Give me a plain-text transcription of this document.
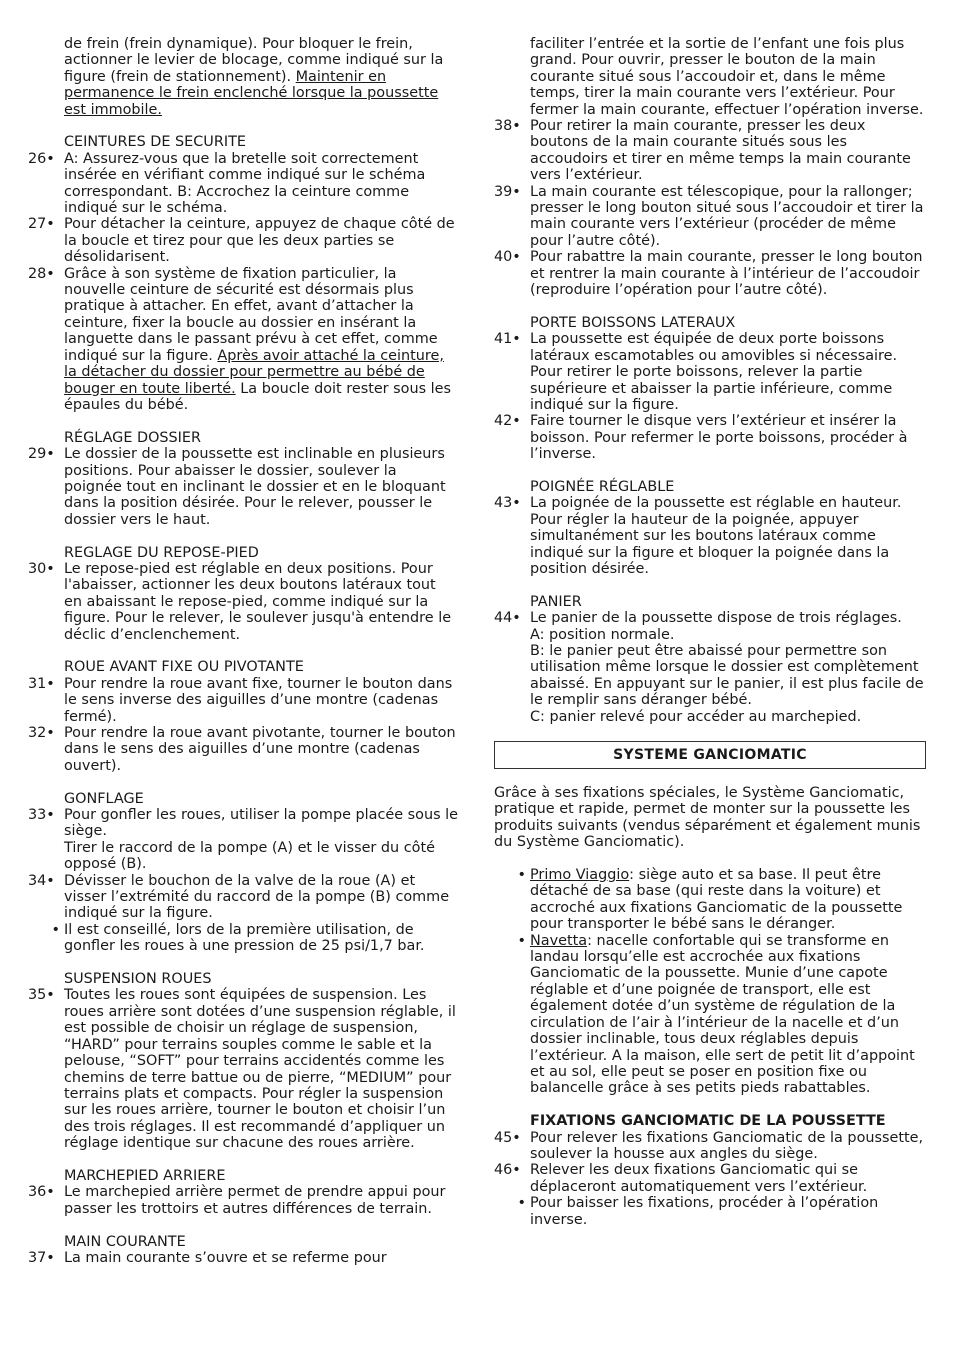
de frein (frein dynamique). Pour bloquer le frein, actionner le levier de blocage, comme indiqué sur la figure (frein de stationnement). Maintenir en permanence le frein enclenché lorsque la poussette est immobile.
CEINTURES DE SECURITE
26• A: Assurez-vous que la bretelle soit correctement insérée en vérifiant comme indiqué sur le schéma correspondant. B: Accrochez la ceinture comme indiqué sur le schéma.
27• Pour détacher la ceinture, appuyez de chaque côté de la boucle et tirez pour que les deux parties se désolidarisent.
28• Grâce à son système de fixation particulier, la nouvelle ceinture de sécurité est désormais plus pratique à attacher. En effet, avant d’attacher la ceinture, fixer la boucle au dossier en insérant la languette dans le passant prévu à cet effet, comme indiqué sur la figure. Après avoir attaché la ceinture, la détacher du dossier pour permettre au bébé de bouger en toute liberté. La boucle doit rester sous les épaules du bébé.
RÉGLAGE DOSSIER
29• Le dossier de la poussette est inclinable en plusieurs positions. Pour abaisser le dossier, soulever la poignée tout en inclinant le dossier et en le bloquant dans la position désirée. Pour le relever, pousser le dossier vers le haut.
REGLAGE DU REPOSE-PIED
30• Le repose-pied est réglable en deux positions. Pour l'abaisser, actionner les deux boutons latéraux tout en abaissant le repose-pied, comme indiqué sur la figure. Pour le relever, le soulever jusqu'à entendre le déclic d’enclenchement.
ROUE AVANT FIXE OU PIVOTANTE
31• Pour rendre la roue avant fixe, tourner le bouton dans le sens inverse des aiguilles d’une montre (cadenas fermé).
32• Pour rendre la roue avant pivotante, tourner le bouton dans le sens des aiguilles d’une montre (cadenas ouvert).
GONFLAGE
33• Pour gonfler les roues, utiliser la pompe placée sous le siège.
Tirer le raccord de la pompe (A) et le visser du côté opposé (B).
34• Dévisser le bouchon de la valve de la roue (A) et visser l’extrémité du raccord de la pompe (B) comme indiqué sur la figure.
• Il est conseillé, lors de la première utilisation, de gonfler les roues à une pression de 25 psi/1,7 bar.
SUSPENSION ROUES
35• Toutes les roues sont équipées de suspension. Les roues arrière sont dotées d’une suspension réglable, il est possible de choisir un réglage de suspension, “HARD” pour terrains souples comme le sable et la pelouse, “SOFT” pour terrains accidentés comme les chemins de terre battue ou de pierre, “MEDIUM” pour terrains plats et compacts. Pour régler la suspension sur les roues arrière, tourner le bouton et choisir l’un des trois réglages. Il est recommandé d’appliquer un réglage identique sur chacune des roues arrière.
MARCHEPIED ARRIERE
36• Le marchepied arrière permet de prendre appui pour passer les trottoirs et autres différences de terrain.
MAIN COURANTE
37• La main courante s’ouvre et se referme pour
faciliter l’entrée et la sortie de l’enfant une fois plus grand. Pour ouvrir, presser le bouton de la main courante situé sous l’accoudoir et, dans le même temps, tirer la main courante vers l’extérieur. Pour fermer la main courante, effectuer l’opération inverse.
38• Pour retirer la main courante, presser les deux boutons de la main courante situés sous les accoudoirs et tirer en même temps la main courante vers l’extérieur.
39• La main courante est télescopique, pour la rallonger; presser le long bouton situé sous l’accoudoir et tirer la main courante vers l’extérieur (procéder de même pour l’autre côté).
40• Pour rabattre la main courante, presser le long bouton et rentrer la main courante à l’intérieur de l’accoudoir (reproduire l’opération pour l’autre côté).
PORTE BOISSONS LATERAUX
41• La poussette est équipée de deux porte boissons latéraux escamotables ou amovibles si nécessaire. Pour retirer le porte boissons, relever la partie supérieure et abaisser la partie inférieure, comme indiqué sur la figure.
42• Faire tourner le disque vers l’extérieur et insérer la boisson. Pour refermer le porte boissons, procéder à l’inverse.
POIGNÉE RÉGLABLE
43• La poignée de la poussette est réglable en hauteur. Pour régler la hauteur de la poignée, appuyer simultanément sur les boutons latéraux comme indiqué sur la figure et bloquer la poignée dans la position désirée.
PANIER
44• Le panier de la poussette dispose de trois réglages.
A: position normale.
B: le panier peut être abaissé pour permettre son utilisation même lorsque le dossier est complètement abaissé. En appuyant sur le panier, il est plus facile de le remplir sans déranger bébé.
C: panier relevé pour accéder au marchepied.
SYSTEME GANCIOMATIC
Grâce à ses fixations spéciales, le Système Ganciomatic, pratique et rapide, permet de monter sur la poussette les produits suivants (vendus séparément et également munis du Système Ganciomatic).
• Primo Viaggio: siège auto et sa base. Il peut être détaché de sa base (qui reste dans la voiture) et accroché aux fixations Ganciomatic de la poussette pour transporter le bébé sans le déranger.
• Navetta: nacelle confortable qui se transforme en landau lorsqu’elle est accrochée aux fixations Ganciomatic de la poussette. Munie d’une capote réglable et d’une poignée de transport, elle est également dotée d’un système de régulation de la circulation de l’air à l’intérieur de la nacelle et d’un dossier inclinable, tous deux réglables depuis l’extérieur. A la maison, elle sert de petit lit d’appoint et au sol, elle peut se poser en position fixe ou balancelle grâce à ses petits pieds rabattables.
FIXATIONS GANCIOMATIC DE LA POUSSETTE
45• Pour relever les fixations Ganciomatic de la poussette, soulever la housse aux angles du siège.
46• Relever les deux fixations Ganciomatic qui se déplaceront automatiquement vers l’extérieur.
• Pour baisser les fixations, procéder à l’opération inverse.
